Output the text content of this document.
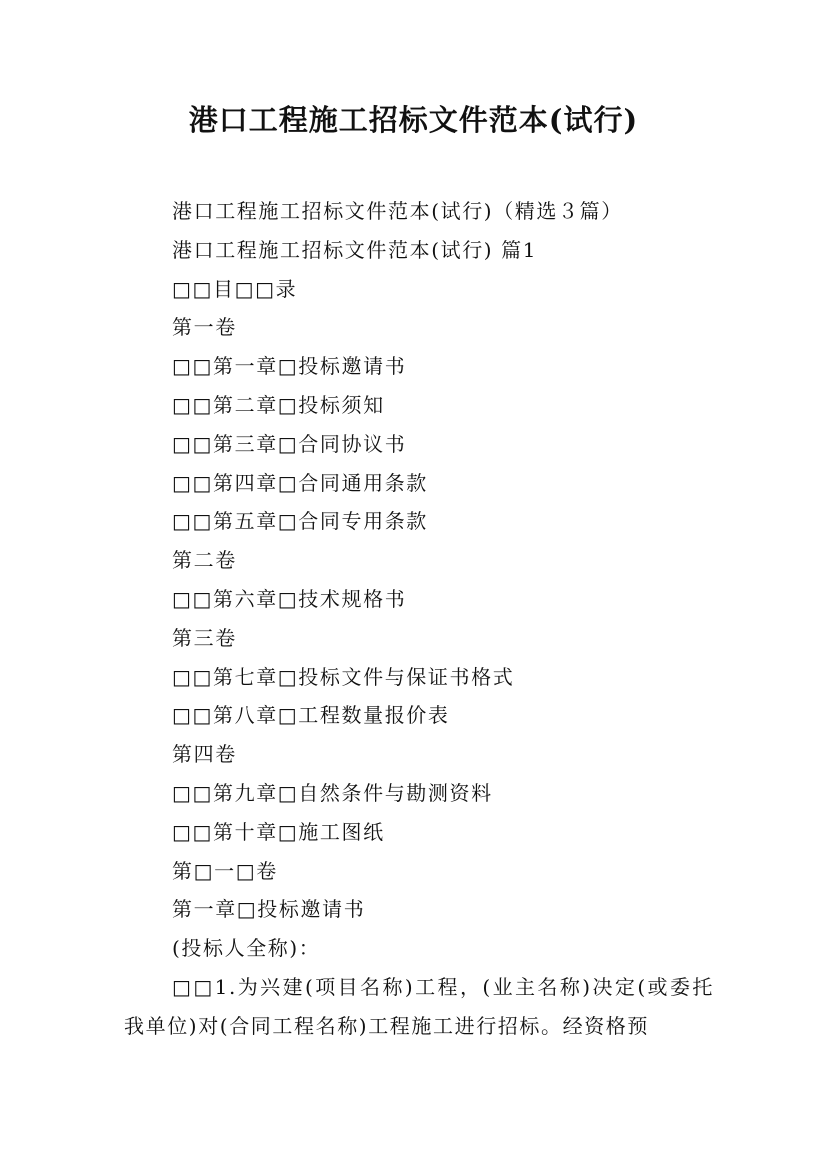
港口工程施工招标文件范本(试行)
港口工程施工招标文件范本(试行)（精选３篇）
港口工程施工招标文件范本(试行) 篇1
□□目□□录
第一卷
□□第一章□投标邀请书
□□第二章□投标须知
□□第三章□合同协议书
□□第四章□合同通用条款
□□第五章□合同专用条款
第二卷
□□第六章□技术规格书
第三卷
□□第七章□投标文件与保证书格式
□□第八章□工程数量报价表
第四卷
□□第九章□自然条件与勘测资料
□□第十章□施工图纸
第□一□卷
第一章□投标邀请书
(投标人全称)：
□□1.为兴建(项目名称)工程，(业主名称)决定(或委托我单位)对(合同工程名称)工程施工进行招标。经资格预
